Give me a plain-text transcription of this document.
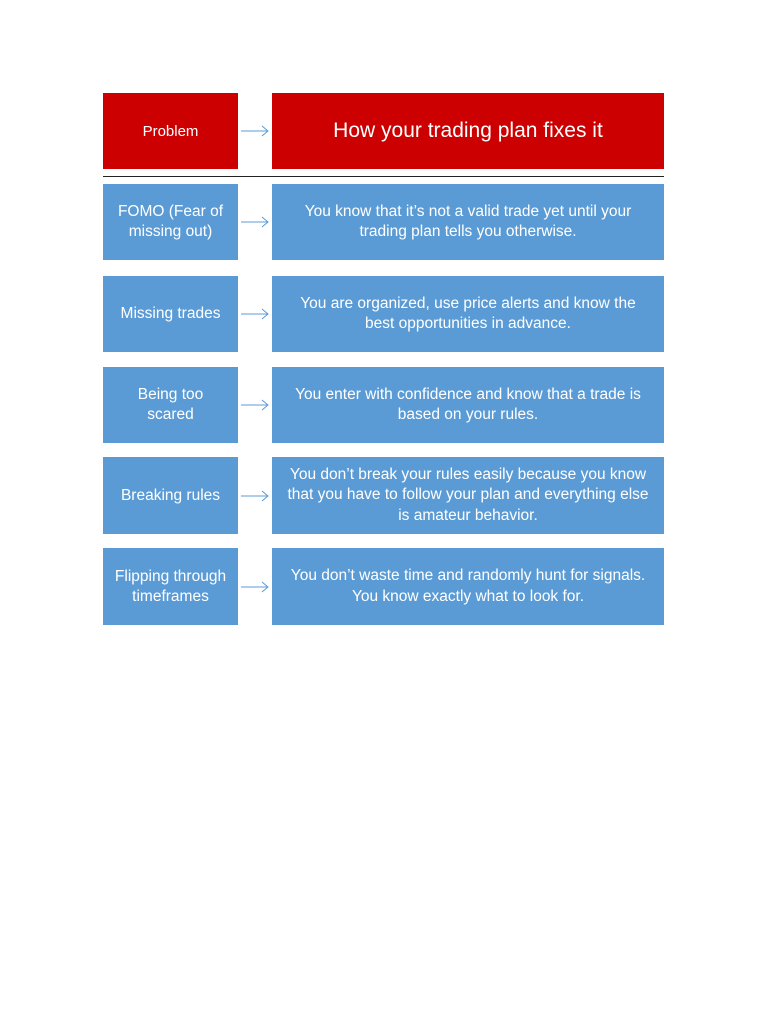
Problem	How your trading plan fixes it
FOMO (Fear of missing out)
You know that it’s not a valid trade yet until your trading plan tells you otherwise.
Missing trades
You are organized, use price alerts and know the best opportunities in advance.
Being too scared
You enter with confidence and know that a trade is based on your rules.
Breaking rules
You don’t break your rules easily because you know that you have to follow your plan and everything else is amateur behavior.
Flipping through timeframes
You don’t waste time and randomly hunt for signals. You know exactly what to look for.
